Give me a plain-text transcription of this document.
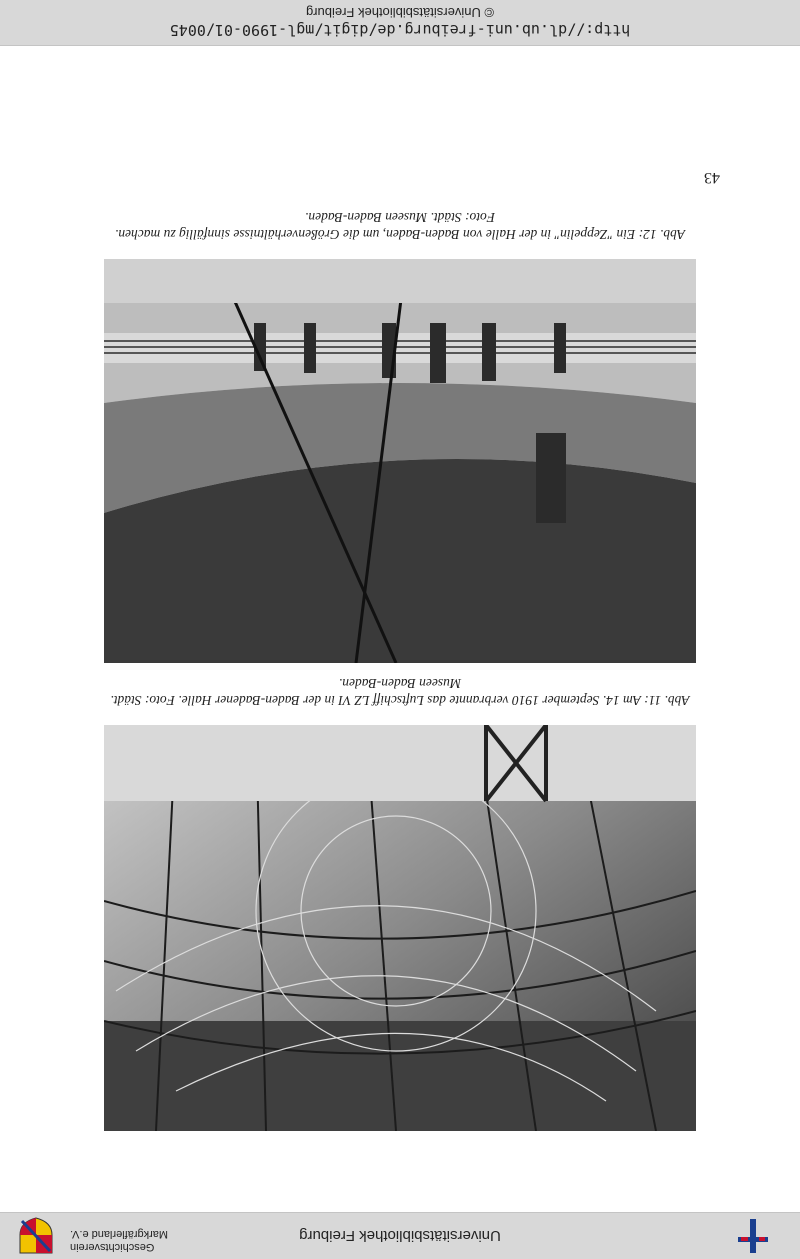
Universitätsbibliothek Freiburg
Geschichtsverein
Markgräflerland e.V.
Abb. 11: Am 14. September 1910 verbrannte das Luftschiff LZ VI in der Baden-Badener Halle. Foto: Städt. Museen Baden-Baden.
Abb. 12: Ein "Zeppelin" in der Halle von Baden-Baden, um die Größenverhältnisse sinnfällig zu machen. Foto: Städt. Museen Baden-Baden.
43
http://dl.ub.uni-freiburg.de/digit/mgl-1990-01/0045
© Universitätsbibliothek Freiburg
